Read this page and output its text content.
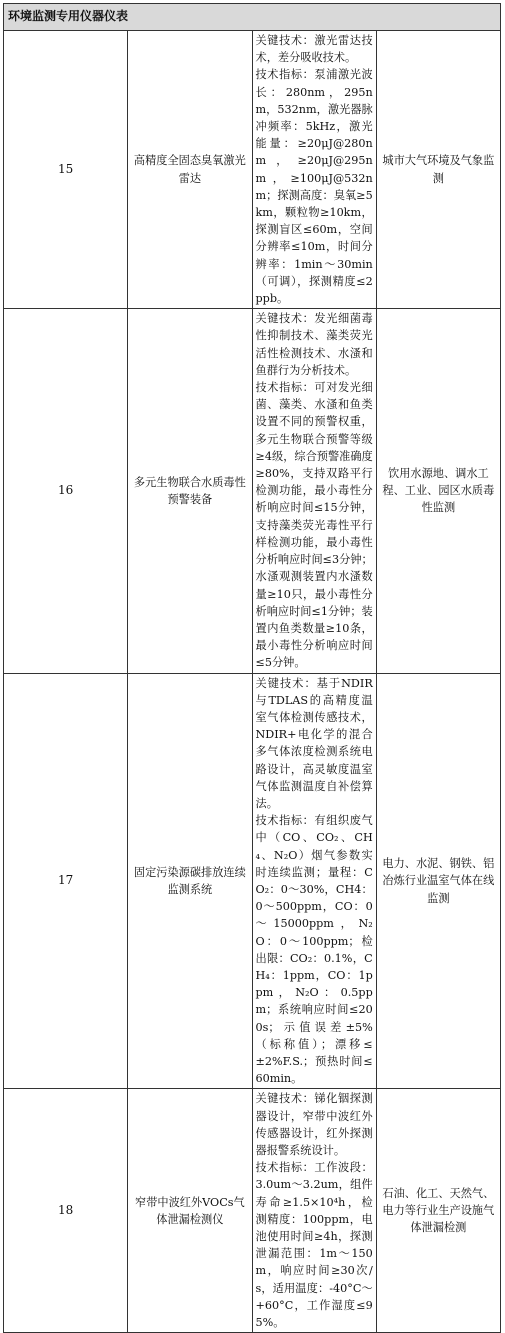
环境监测专用仪器仪表			
15	高精度全固态臭氧激光雷达	关键技术：激光雷达技术，差分吸收技术。
技术指标：泵浦激光波长：280nm，295nm，532nm，激光器脉冲频率：5kHz，激光能量：≥20μJ@280nm，≥20μJ@295nm，≥100μJ@532nm；探测高度：臭氧≥5km，颗粒物≥10km，探测盲区≤60m，空间分辨率≤10m，时间分辨率：1min～30min（可调），探测精度≤2ppb。	城市大气环境及气象监测
16	多元生物联合水质毒性预警装备	关键技术：发光细菌毒性抑制技术、藻类荧光活性检测技术、水溞和鱼群行为分析技术。
技术指标：可对发光细菌、藻类、水溞和鱼类设置不同的预警权重，多元生物联合预警等级≥4级，综合预警准确度≥80%，支持双路平行检测功能，最小毒性分析响应时间≤15分钟，支持藻类荧光毒性平行样检测功能，最小毒性分析响应时间≤3分钟；水溞观测装置内水溞数量≥10只，最小毒性分析响应时间≤1分钟；装置内鱼类数量≥10条，最小毒性分析响应时间≤5分钟。	饮用水源地、调水工程、工业、园区水质毒性监测
17	固定污染源碳排放连续监测系统	关键技术：基于NDIR与TDLAS的高精度温室气体检测传感技术，NDIR+电化学的混合多气体浓度检测系统电路设计，高灵敏度温室气体监测温度自补偿算法。
技术指标：有组织废气中（CO、CO₂、CH₄、N₂O）烟气参数实时连续监测；量程：CO₂：0～30%，CH4：0～500ppm，CO：0～15000ppm，N₂O：0～100ppm；检出限：CO₂：0.1%，CH₄：1ppm，CO：1ppm，N₂O：0.5ppm；系统响应时间≤200s；示值误差±5%（标称值）；漂移≤±2%F.S.；预热时间≤60min。	电力、水泥、钢铁、铝冶炼行业温室气体在线监测
18	窄带中波红外VOCs气体泄漏检测仪	关键技术：锑化铟探测器设计，窄带中波红外传感器设计，红外探测器报警系统设计。
技术指标：工作波段：3.0um～3.2um，组件寿命≥1.5×10⁴h，检测精度：100ppm，电池使用时间≥4h，探测泄漏范围：1m～150m，响应时间≥30次/s，适用温度：-40°C～+60°C，工作湿度≤95%。	石油、化工、天然气、电力等行业生产设施气体泄漏检测
